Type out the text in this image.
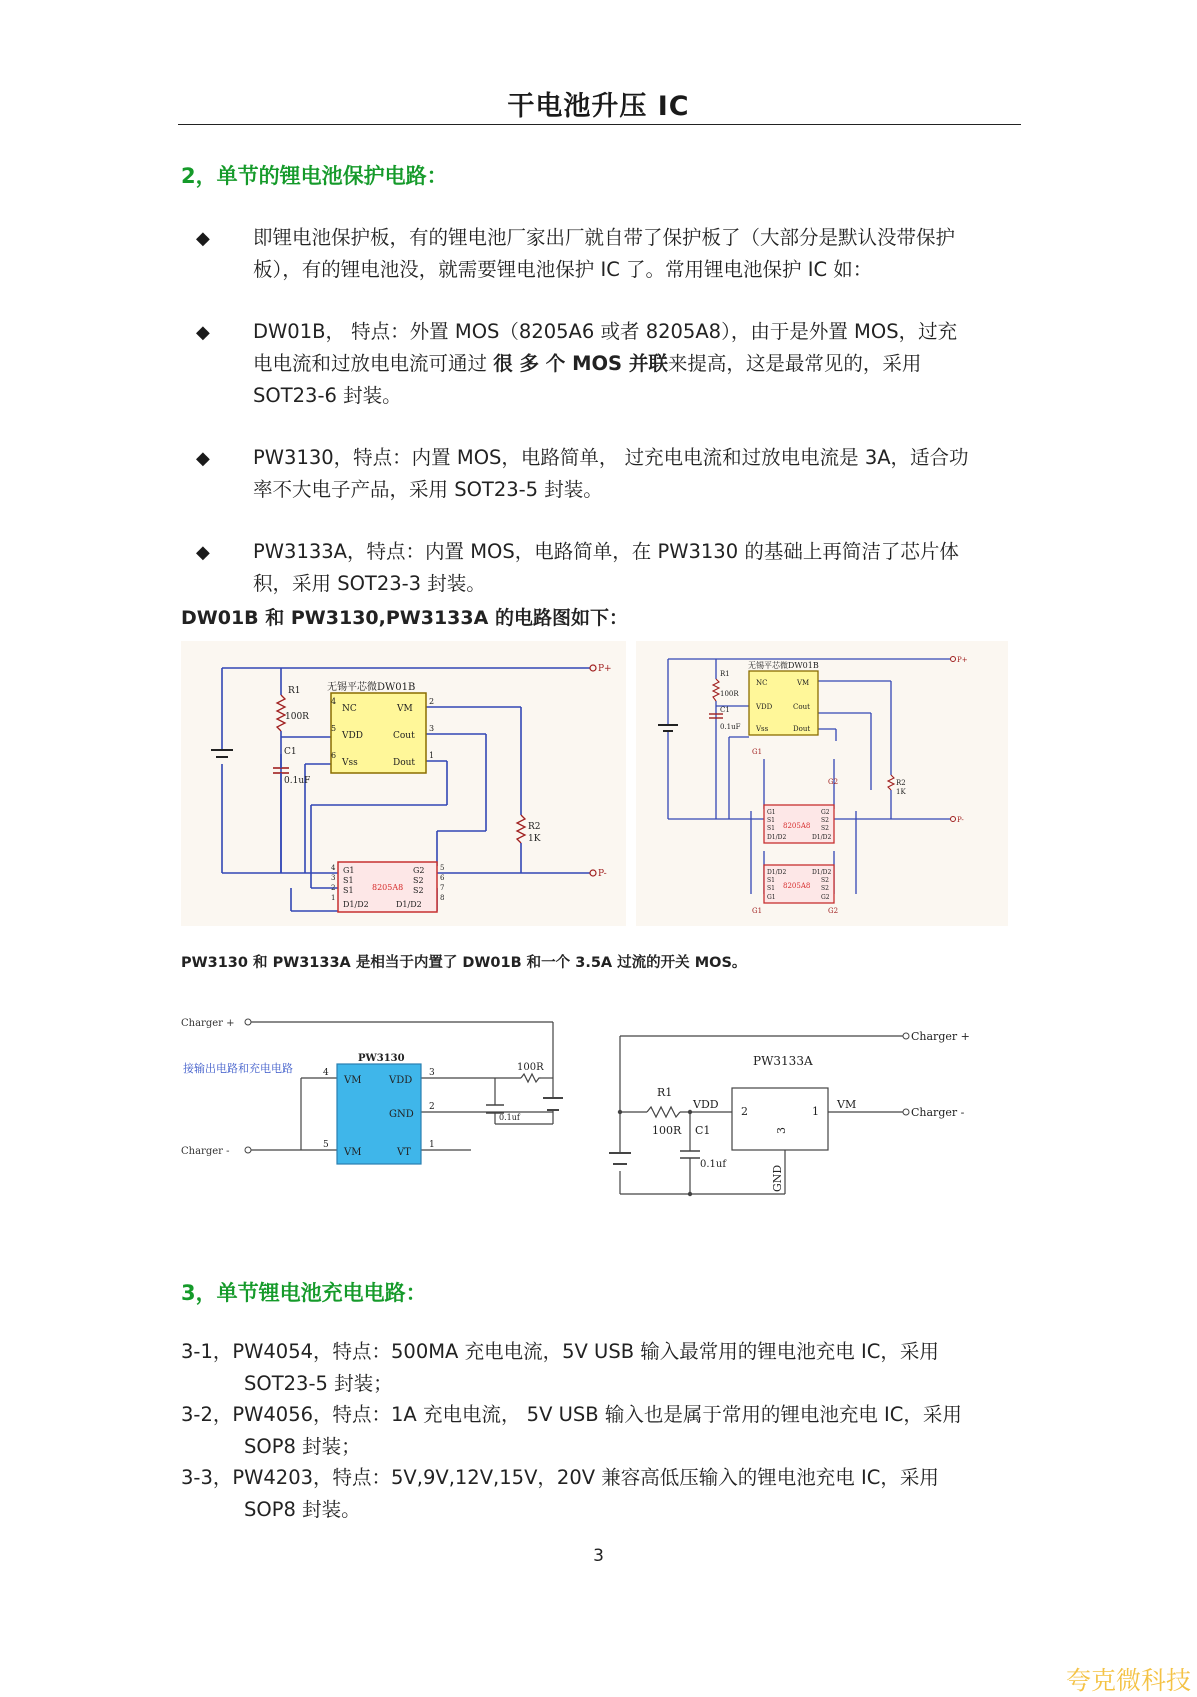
干电池升压 IC
2，单节的锂电池保护电路：
◆ 即锂电池保护板，有的锂电池厂家出厂就自带了保护板了（大部分是默认没带保护
板），有的锂电池没，就需要锂电池保护 IC 了。常用锂电池保护 IC 如：
◆ DW01B， 特点：外置 MOS（8205A6 或者 8205A8），由于是外置 MOS，过充
电电流和过放电电流可通过 很 多 个 MOS 并联来提高，这是最常见的，采用
SOT23-6 封装。
◆ PW3130，特点：内置 MOS，电路简单， 过充电电流和过放电电流是 3A，适合功
率不大电子产品，采用 SOT23-5 封装。
◆ PW3133A，特点：内置 MOS，电路简单，在 PW3130 的基础上再简洁了芯片体
积，采用 SOT23-3 封装。
DW01B 和 PW3130,PW3133A 的电路图如下：
无锡平芯微DW01B
R1
100R
C1
0.1uF
R2
1K
NC	VM
VDD	Cout
Vss	Dout
4	2
5	3
6	1
G1	G2
S1	S2
S1	S2
D1/D2	D1/D2
8205A8
4	5
3	6
2	7
1	8
P+
P-
无锡平芯微DW01B
R1
100R
C1
0.1uF
R2
1K
NC	VM
VDD	Cout
Vss	Dout
8205A8
8205A8
G1	G2
S1	S2
S1	S2
D1/D2	D1/D2
D1/D2	D1/D2
S1	S2
S1	S2
G1	G2
G1
G2
G1	G2
P+
P-
PW3130 和 PW3133A 是相当于内置了 DW01B 和一个 3.5A 过流的开关 MOS。
Charger +
Charger -
接输出电路和充电电路
PW3130
VM
VM
VDD
GND
VT
4
5
3
2
1
100R
0.1uf
PW3133A
Charger +
Charger -
R1
100R C1
0.1uf
VDD	VM
GND
2	1
3
3，单节锂电池充电电路：
3-1，PW4054，特点：500MA 充电电流，5V USB 输入最常用的锂电池充电 IC，采用
SOT23-5 封装；
3-2，PW4056，特点：1A 充电电流， 5V USB 输入也是属于常用的锂电池充电 IC，采用
SOP8 封装；
3-3，PW4203，特点：5V,9V,12V,15V，20V 兼容高低压输入的锂电池充电 IC，采用
SOP8 封装。
3
夸克微科技
